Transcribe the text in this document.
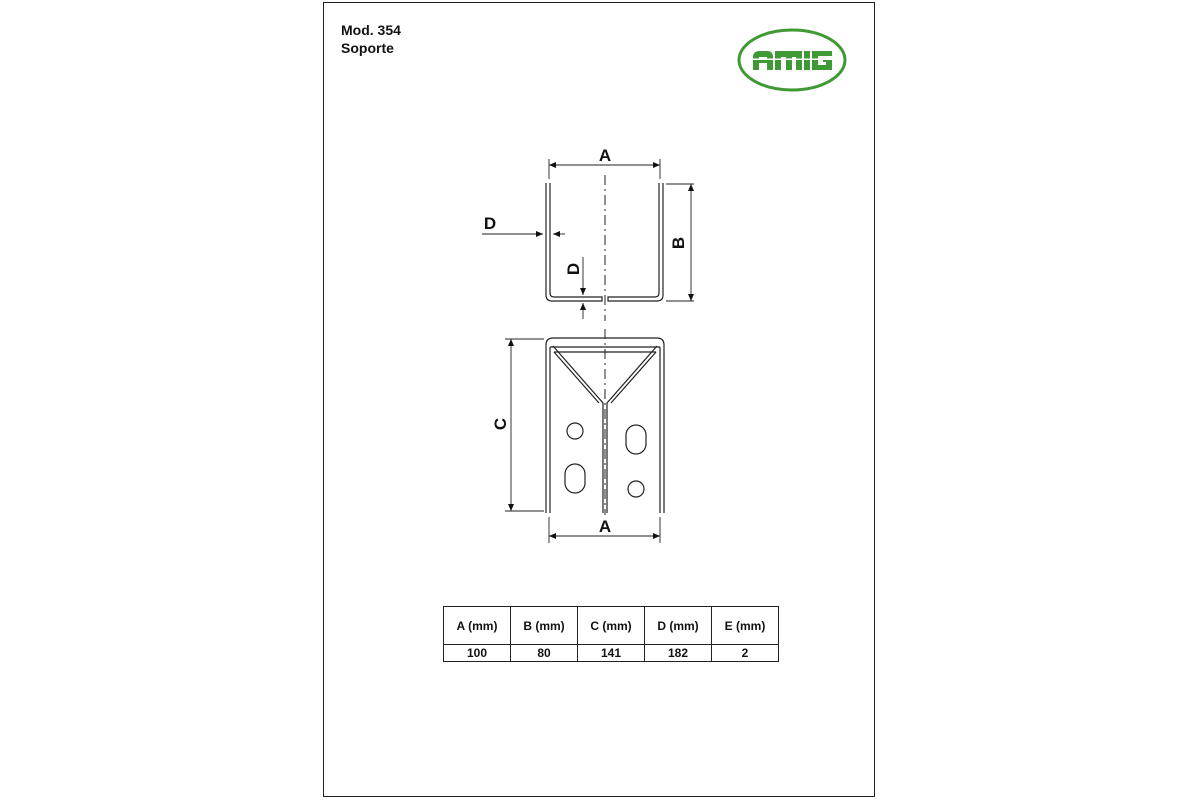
Mod. 354
Soporte
A
B
D
D
C
A
A (mm)	B (mm)	C (mm)	D (mm)	E (mm)
100	80	141	182	2
